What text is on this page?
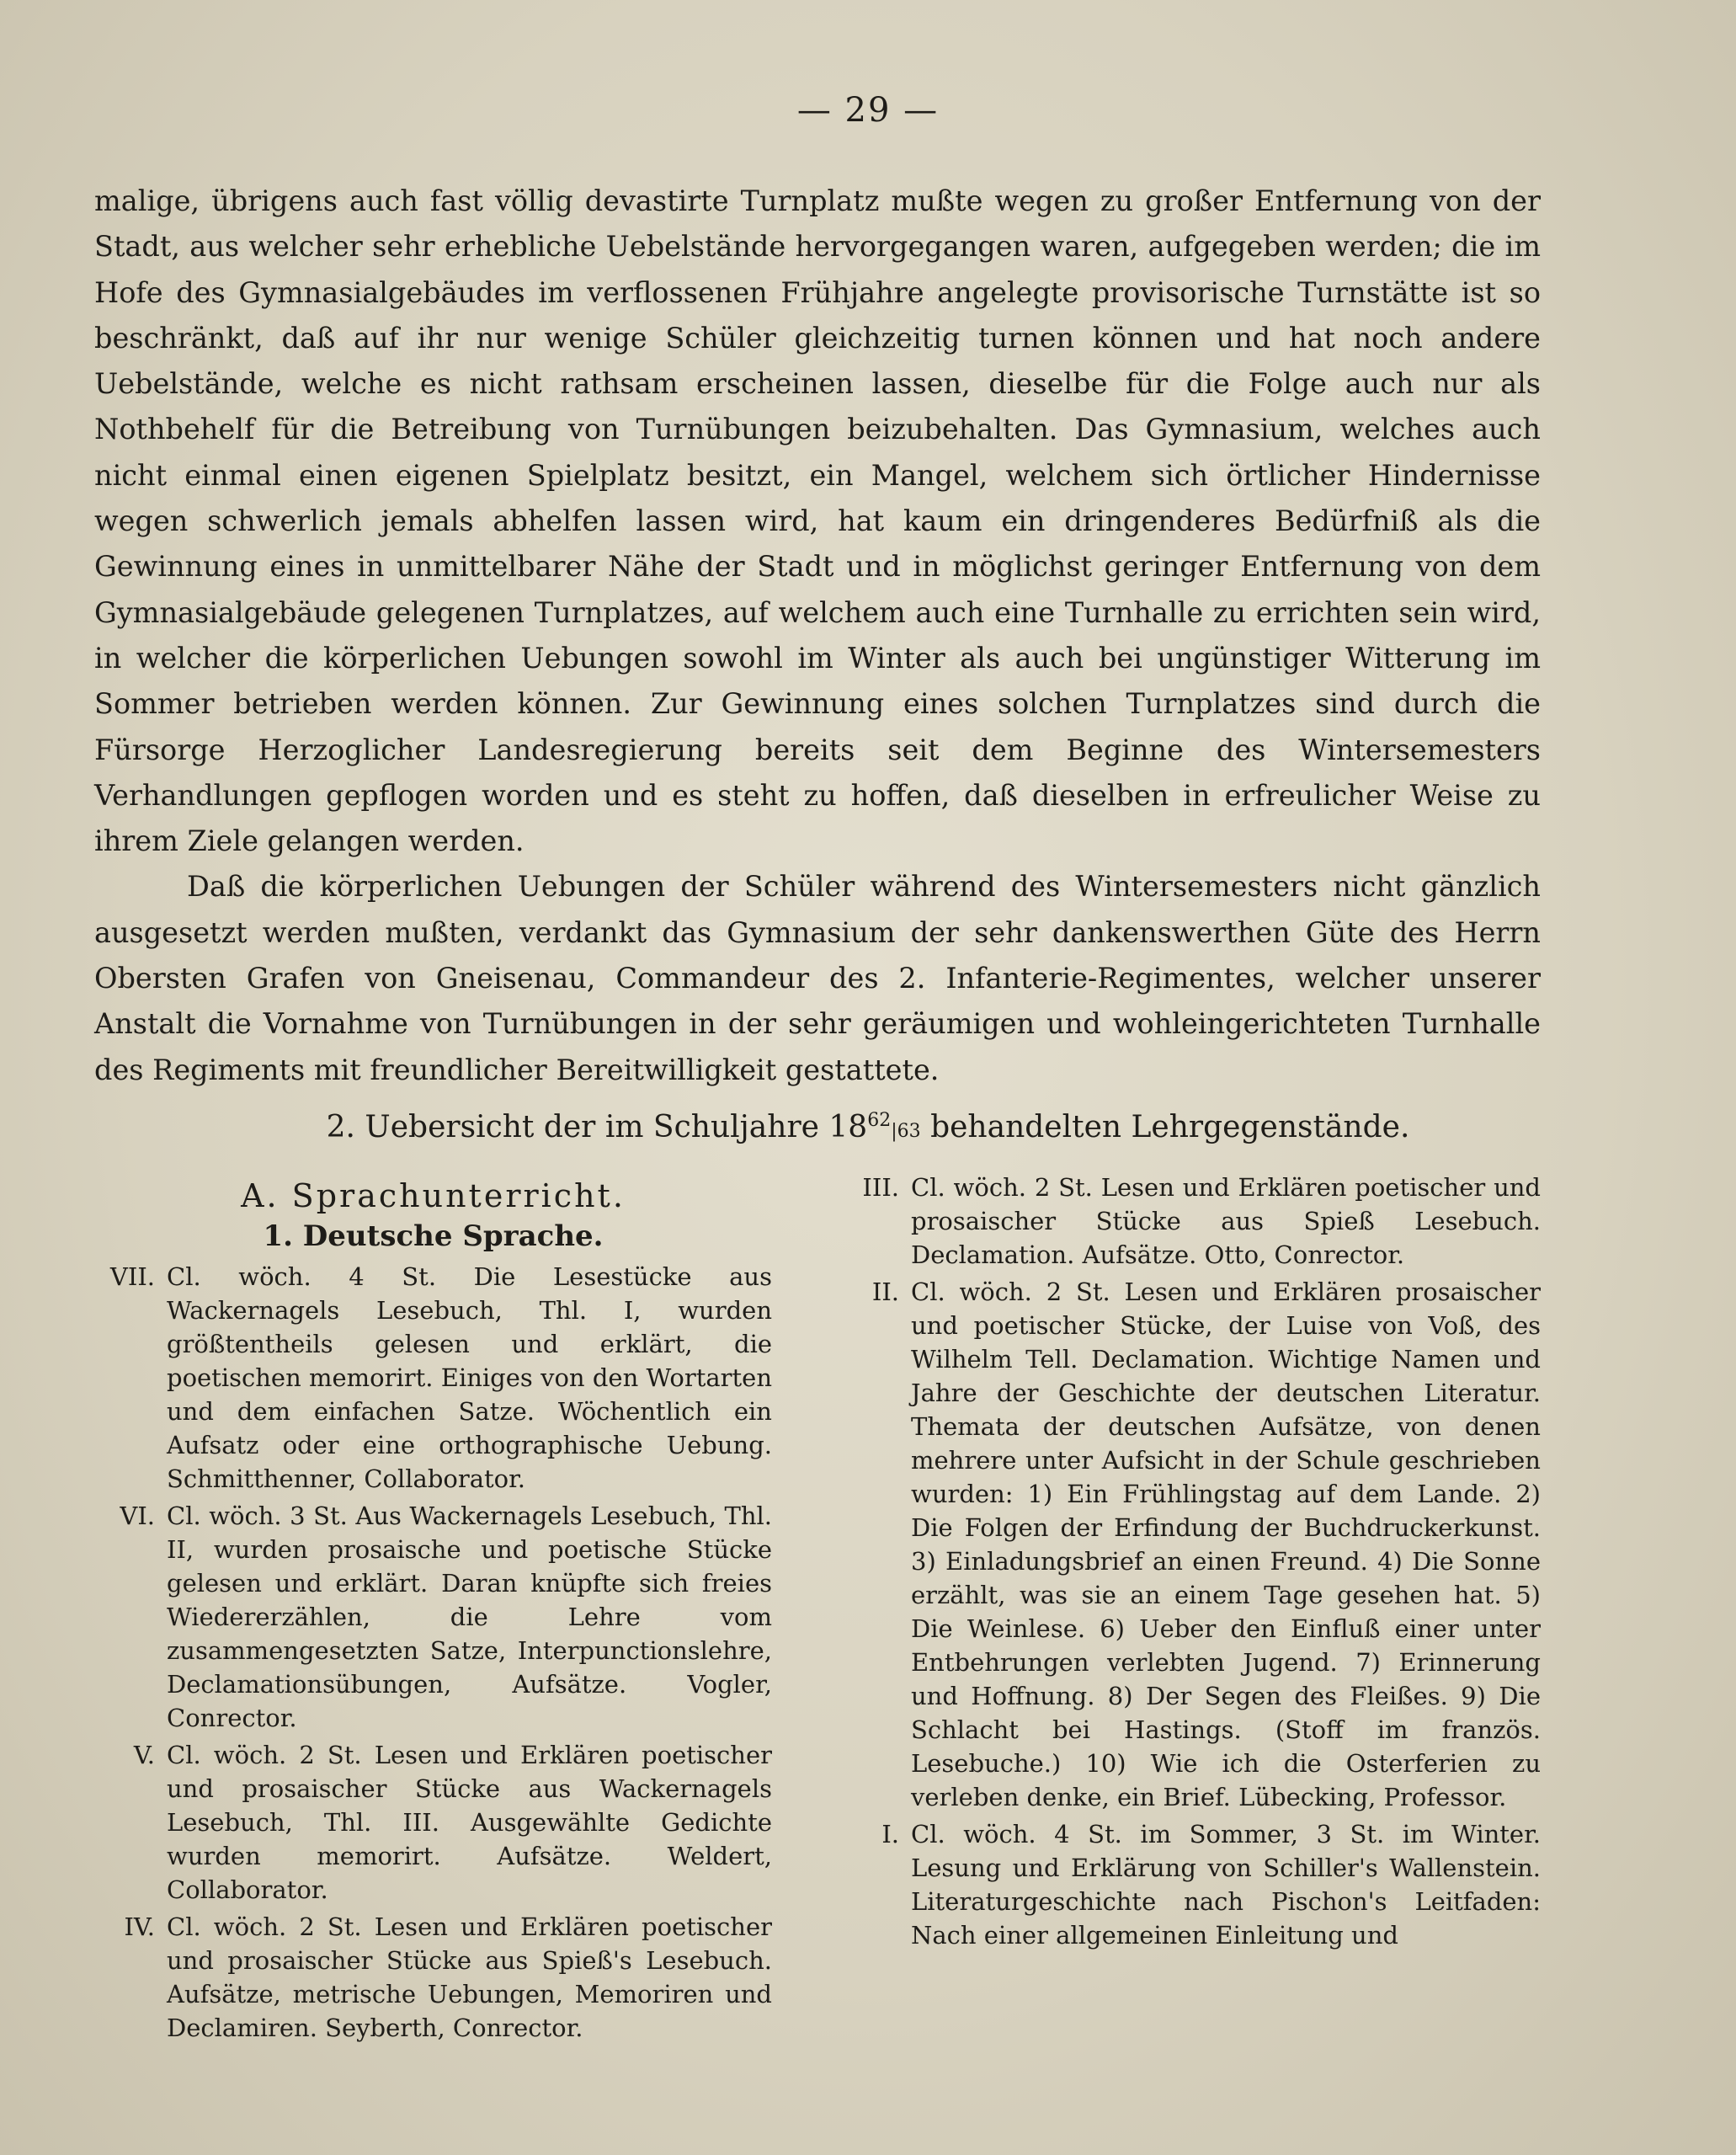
— 29 —

malige, übrigens auch fast völlig devastirte Turnplatz mußte wegen zu großer Entfernung von der Stadt, aus welcher sehr erhebliche Uebelstände hervorgegangen waren, aufgegeben werden; die im Hofe des Gymnasialgebäudes im verflossenen Frühjahre angelegte provisorische Turnstätte ist so beschränkt, daß auf ihr nur wenige Schüler gleichzeitig turnen können und hat noch andere Uebelstände, welche es nicht rathsam erscheinen lassen, dieselbe für die Folge auch nur als Nothbehelf für die Betreibung von Turnübungen beizubehalten. Das Gymnasium, welches auch nicht einmal einen eigenen Spielplatz besitzt, ein Mangel, welchem sich örtlicher Hindernisse wegen schwerlich jemals abhelfen lassen wird, hat kaum ein dringenderes Bedürfniß als die Gewinnung eines in unmittelbarer Nähe der Stadt und in möglichst geringer Entfernung von dem Gymnasialgebäude gelegenen Turnplatzes, auf welchem auch eine Turnhalle zu errichten sein wird, in welcher die körperlichen Uebungen sowohl im Winter als auch bei ungünstiger Witterung im Sommer betrieben werden können. Zur Gewinnung eines solchen Turnplatzes sind durch die Fürsorge Herzoglicher Landesregierung bereits seit dem Beginne des Wintersemesters Verhandlungen gepflogen worden und es steht zu hoffen, daß dieselben in erfreulicher Weise zu ihrem Ziele gelangen werden.

Daß die körperlichen Uebungen der Schüler während des Wintersemesters nicht gänzlich ausgesetzt werden mußten, verdankt das Gymnasium der sehr dankenswerthen Güte des Herrn Obersten Grafen von Gneisenau, Commandeur des 2. Infanterie-Regimentes, welcher unserer Anstalt die Vornahme von Turnübungen in der sehr geräumigen und wohleingerichteten Turnhalle des Regiments mit freundlicher Bereitwilligkeit gestattete.

2. Uebersicht der im Schuljahre $18^{62}|63$ behandelten Lehrgegenstände.
A. Sprachunterricht.
1. Deutsche Sprache.
VII. Cl. wöch. 4 St. Die Lesestücke aus Wackernagels Lesebuch, Thl. I, wurden größtentheils gelesen und erklärt, die poetischen memorirt. Einiges von den Wortarten und dem einfachen Satze. Wöchentlich ein Aufsatz oder eine orthographische Uebung. Schmitthenner, Collaborator.
VI. Cl. wöch. 3 St. Aus Wackernagels Lesebuch, Thl. II, wurden prosaische und poetische Stücke gelesen und erklärt. Daran knüpfte sich freies Wiedererzählen, die Lehre vom zusammengesetzten Satze, Interpunctionslehre, Declamationsübungen, Aufsätze. Vogler, Conrector.
V. Cl. wöch. 2 St. Lesen und Erklären poetischer und prosaischer Stücke aus Wackernagels Lesebuch, Thl. III. Ausgewählte Gedichte wurden memorirt. Aufsätze. Weldert, Collaborator.
IV. Cl. wöch. 2 St. Lesen und Erklären poetischer und prosaischer Stücke aus Spieß's Lesebuch. Aufsätze, metrische Uebungen, Memoriren und Declamiren. Seyberth, Conrector.
III. Cl. wöch. 2 St. Lesen und Erklären poetischer und prosaischer Stücke aus Spieß Lesebuch. Declamation. Aufsätze. Otto, Conrector.
II. Cl. wöch. 2 St. Lesen und Erklären prosaischer und poetischer Stücke, der Luise von Voß, des Wilhelm Tell. Declamation. Wichtige Namen und Jahre der Geschichte der deutschen Literatur. Themata der deutschen Aufsätze, von denen mehrere unter Aufsicht in der Schule geschrieben wurden: 1) Ein Frühlingstag auf dem Lande. 2) Die Folgen der Erfindung der Buchdruckerkunst. 3) Einladungsbrief an einen Freund. 4) Die Sonne erzählt, was sie an einem Tage gesehen hat. 5) Die Weinlese. 6) Ueber den Einfluß einer unter Entbehrungen verlebten Jugend. 7) Erinnerung und Hoffnung. 8) Der Segen des Fleißes. 9) Die Schlacht bei Hastings. (Stoff im französ. Lesebuche.) 10) Wie ich die Osterferien zu verleben denke, ein Brief. Lübecking, Professor.
I. Cl. wöch. 4 St. im Sommer, 3 St. im Winter. Lesung und Erklärung von Schiller's Wallenstein. Literaturgeschichte nach Pischon's Leitfaden: Nach einer allgemeinen Einleitung und
